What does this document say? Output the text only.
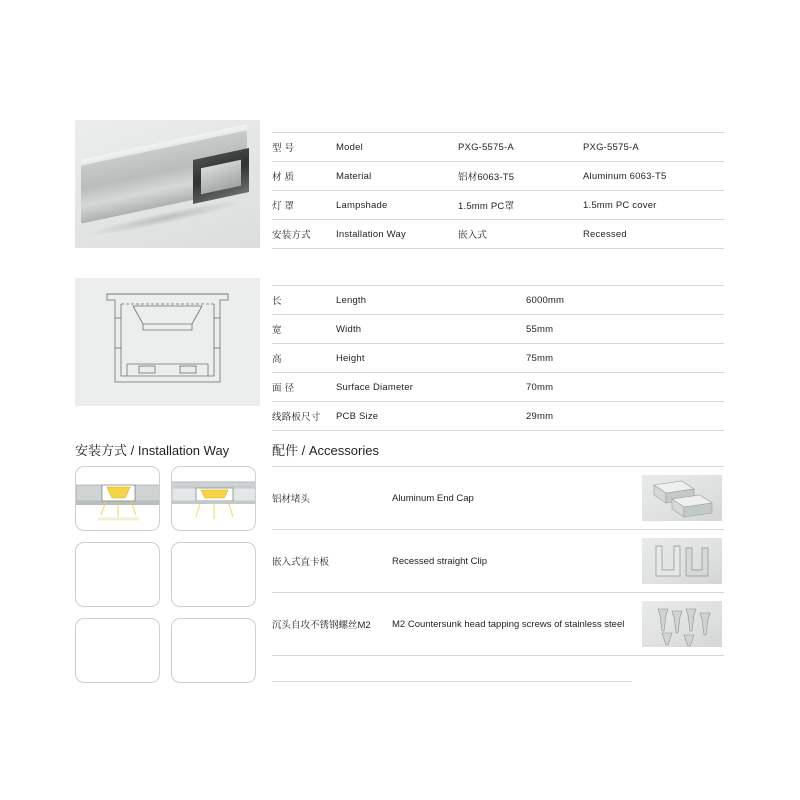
型 号	Model	PXG-5575-A	PXG-5575-A
材 质	Material	铝材6063-T5	Aluminum 6063-T5
灯 罩	Lampshade	1.5mm PC罩	1.5mm PC cover
安装方式	Installation Way	嵌入式	Recessed
长	Length	6000mm
宽	Width	55mm
高	Height	75mm
面 径	Surface Diameter	70mm
线路板尺寸	PCB Size	29mm
安装方式 / Installation Way	配件 / Accessories
铝材堵头	Aluminum End Cap	

嵌入式直卡板	Recessed straight Clip	

沉头自攻不锈钢螺丝M2	M2 Countersunk head tapping screws of stainless steel	
